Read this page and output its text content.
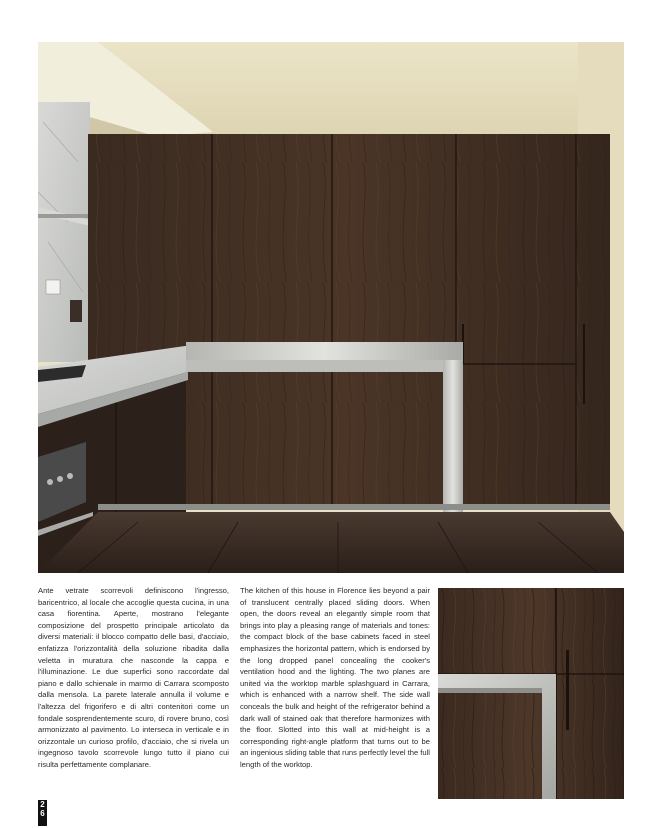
Ante vetrate scorrevoli definiscono l'ingresso, baricentrico, al locale che accoglie questa cucina, in una casa fiorentina. Aperte, mostrano l'elegante composizione del prospetto principale articolato da diversi materiali: il blocco compatto delle basi, d'acciaio, enfatizza l'orizzontalità della soluzione ribadita dalla veletta in muratura che nasconde la cappa e l'illuminazione. Le due superfici sono raccordate dal piano e dallo schienale in marmo di Carrara scomposto dalla mensola. La parete laterale annulla il volume e l'altezza del frigorifero e di altri contenitori come un fondale sosprendentemente scuro, di rovere bruno, così armonizzato al pavimento. Lo interseca in verticale e in orizzontale un curioso profilo, d'acciaio, che si rivela un ingegnoso tavolo scorrevole lungo tutto il piano cui risulta perfettamente complanare.
The kitchen of this house in Florence lies beyond a pair of translucent centrally placed sliding doors. When open, the doors reveal an elegantly simple room that brings into play a pleasing range of materials and tones: the compact block of the base cabinets faced in steel emphasizes the horizontal pattern, which is endorsed by the long dropped panel concealing the cooker's ventilation hood and the lighting. The two planes are united via the worktop marble splashguard in Carrara, which is enhanced with a narrow shelf. The side wall conceals the bulk and height of the refrigerator behind a dark wall of stained oak that therefore harmonizes with the floor. Slotted into this wall at mid-height is a corresponding right-angle platform that turns out to be an ingenious sliding table that runs perfectly level the full length of the worktop.
2
6
